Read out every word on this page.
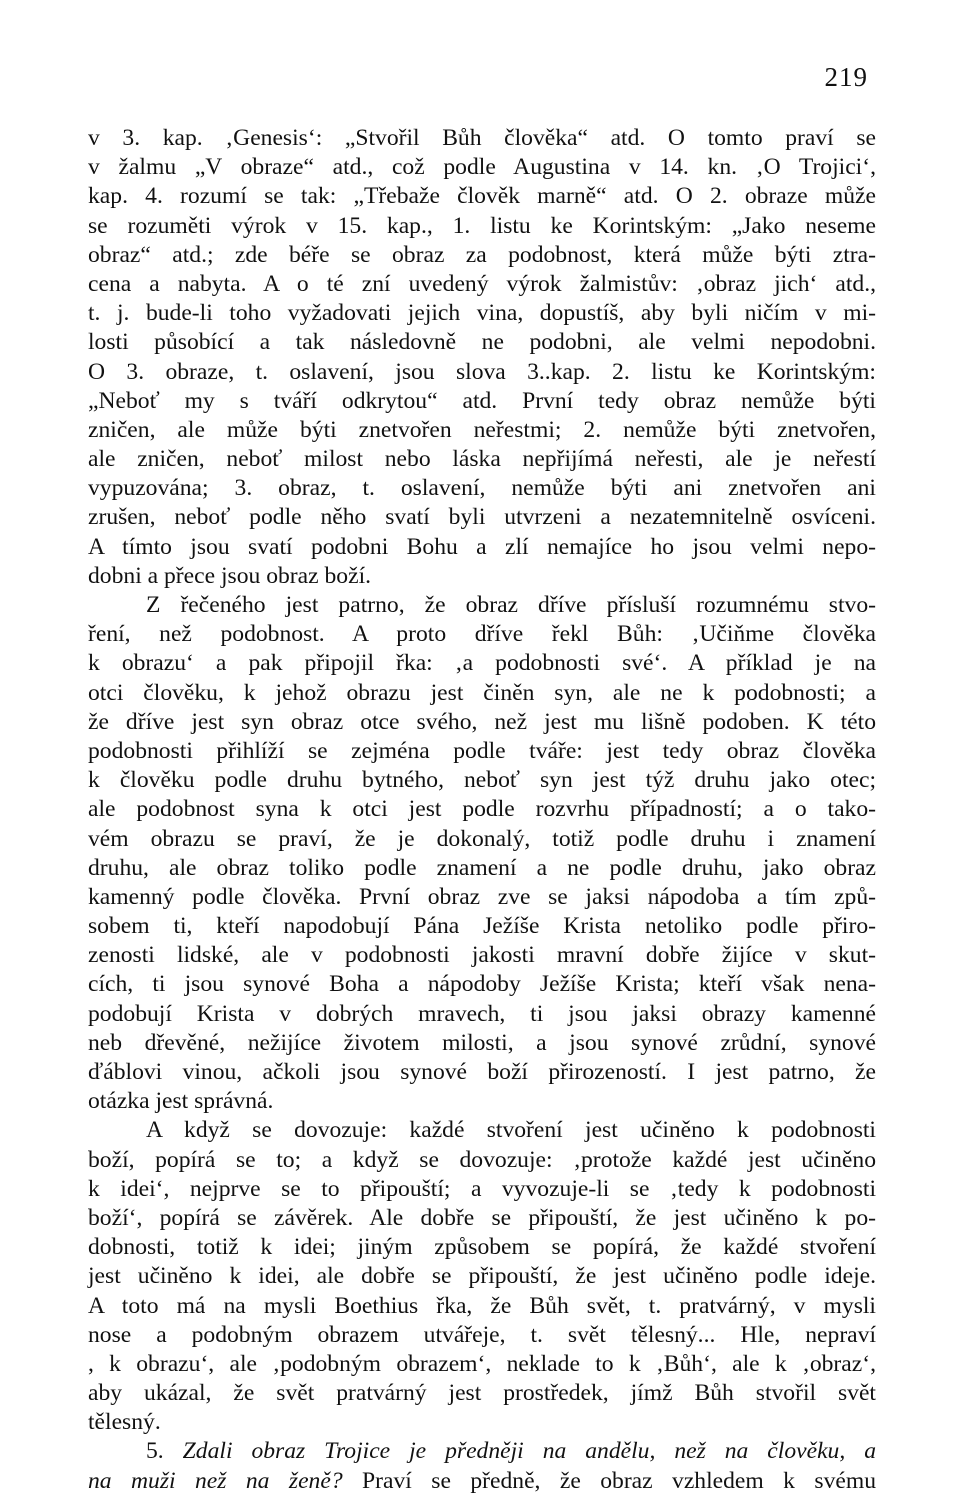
219
v 3. kap. ‚Genesis‘: „Stvořil Bůh člověka“ atd. O tomto praví se
v žalmu „V obraze“ atd., což podle Augustina v 14. kn. ‚O Trojici‘,
kap. 4. rozumí se tak: „Třebaže člověk marně“ atd. O 2. obraze může
se rozuměti výrok v 15. kap., 1. listu ke Korintským: „Jako neseme
obraz“ atd.; zde béře se obraz za podobnost, která může býti ztra-
cena a nabyta. A o té zní uvedený výrok žalmistův: ‚obraz jich‘ atd.,
t. j. bude-li toho vyžadovati jejich vina, dopustíš, aby byli ničím v mi-
losti působící a tak následovně ne podobni, ale velmi nepodobni.
O 3. obraze, t. oslavení, jsou slova 3..kap. 2. listu ke Korintským:
„Neboť my s tváří odkrytou“ atd. První tedy obraz nemůže býti
zničen, ale může býti znetvořen neřestmi; 2. nemůže býti znetvořen,
ale zničen, neboť milost nebo láska nepřijímá neřesti, ale je neřestí
vypuzována; 3. obraz, t. oslavení, nemůže býti ani znetvořen ani
zrušen, neboť podle něho svatí byli utvrzeni a nezatemnitelně osvíceni.
A tímto jsou svatí podobni Bohu a zlí nemajíce ho jsou velmi nepo-
dobni a přece jsou obraz boží.
Z řečeného jest patrno, že obraz dříve přísluší rozumnému stvo-
ření, než podobnost. A proto dříve řekl Bůh: ‚Učiňme člověka
k obrazu‘ a pak připojil řka: ‚a podobnosti své‘. A příklad je na
otci člověku, k jehož obrazu jest činěn syn, ale ne k podobnosti; a
že dříve jest syn obraz otce svého, než jest mu lišně podoben. K této
podobnosti přihlíží se zejména podle tváře: jest tedy obraz člověka
k člověku podle druhu bytného, neboť syn jest týž druhu jako otec;
ale podobnost syna k otci jest podle rozvrhu případností; a o tako-
vém obrazu se praví, že je dokonalý, totiž podle druhu i znamení
druhu, ale obraz toliko podle znamení a ne podle druhu, jako obraz
kamenný podle člověka. První obraz zve se jaksi nápodoba a tím způ-
sobem ti, kteří napodobují Pána Ježíše Krista netoliko podle přiro-
zenosti lidské, ale v podobnosti jakosti mravní dobře žijíce v skut-
cích, ti jsou synové Boha a nápodoby Ježíše Krista; kteří však nena-
podobují Krista v dobrých mravech, ti jsou jaksi obrazy kamenné
neb dřevěné, nežijíce životem milosti, a jsou synové zrůdní, synové
ďáblovi vinou, ačkoli jsou synové boží přirozeností. I jest patrno, že
otázka jest správná.
A když se dovozuje: každé stvoření jest učiněno k podobnosti
boží, popírá se to; a když se dovozuje: ‚protože každé jest učiněno
k idei‘, nejprve se to připouští; a vyvozuje-li se ‚tedy k podobnosti
boží‘, popírá se závěrek. Ale dobře se připouští, že jest učiněno k po-
dobnosti, totiž k idei; jiným způsobem se popírá, že každé stvoření
jest učiněno k idei, ale dobře se připouští, že jest učiněno podle ideje.
A toto má na mysli Boethius řka, že Bůh svět, t. pratvárný, v mysli
nose a podobným obrazem utvářeje, t. svět tělesný... Hle, nepraví
, k obrazu‘, ale ‚podobným obrazem‘, neklade to k ‚Bůh‘, ale k ‚obraz‘,
aby ukázal, že svět pratvárný jest prostředek, jímž Bůh stvořil svět
tělesný.
5. Zdali obraz Trojice je předněji na andělu, než na člověku, a
na muži než na ženě? Praví se předně, že obraz vzhledem k svému
